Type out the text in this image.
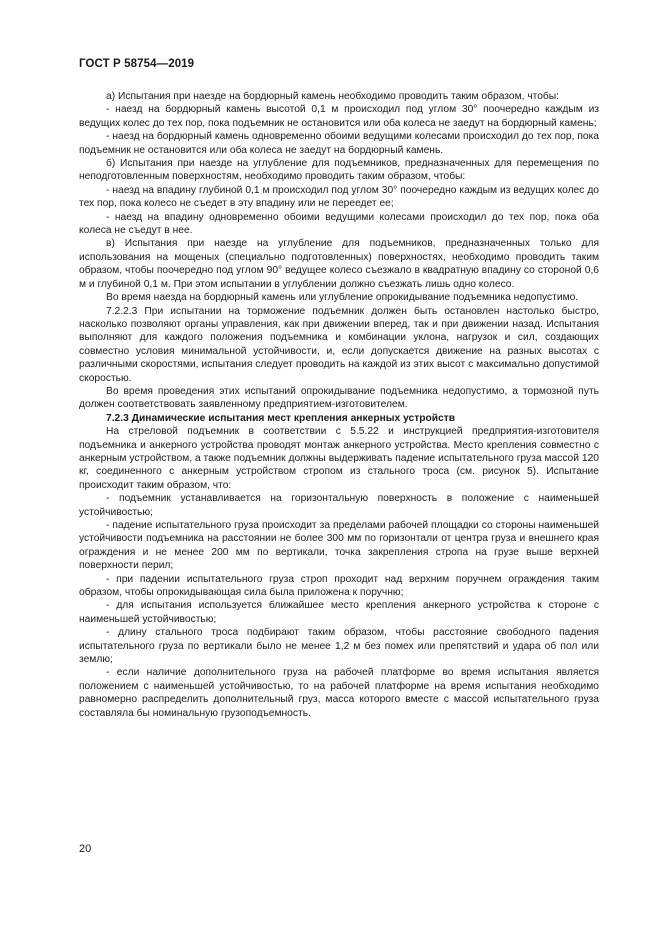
ГОСТ Р 58754—2019

а) Испытания при наезде на бордюрный камень необходимо проводить таким образом, чтобы:

- наезд на бордюрный камень высотой 0,1 м происходил под углом 30° поочередно каждым из ведущих колес до тех пор, пока подъемник не остановится или оба колеса не заедут на бордюрный камень;

- наезд на бордюрный камень одновременно обоими ведущими колесами происходил до тех пор, пока подъемник не остановится или оба колеса не заедут на бордюрный камень.

б) Испытания при наезде на углубление для подъемников, предназначенных для перемещения по неподготовленным поверхностям, необходимо проводить таким образом, чтобы:

- наезд на впадину глубиной 0,1 м происходил под углом 30° поочередно каждым из ведущих колес до тех пор, пока колесо не съедет в эту впадину или не переедет ее;

- наезд на впадину одновременно обоими ведущими колесами происходил до тех пор, пока оба колеса не съедут в нее.

в) Испытания при наезде на углубление для подъемников, предназначенных только для использования на мощеных (специально подготовленных) поверхностях, необходимо проводить таким образом, чтобы поочередно под углом 90° ведущее колесо съезжало в квадратную впадину со стороной 0,6 м и глубиной 0,1 м. При этом испытании в углублении должно съезжать лишь одно колесо.

Во время наезда на бордюрный камень или углубление опрокидывание подъемника недопустимо.

7.2.2.3 При испытании на торможение подъемник должен быть остановлен настолько быстро, насколько позволяют органы управления, как при движении вперед, так и при движении назад. Испытания выполняют для каждого положения подъемника и комбинации уклона, нагрузок и сил, создающих совместно условия минимальной устойчивости, и, если допускается движение на разных высотах с различными скоростями, испытания следует проводить на каждой из этих высот с максимально допустимой скоростью.

Во время проведения этих испытаний опрокидывание подъемника недопустимо, а тормозной путь должен соответствовать заявленному предприятием-изготовителем.

7.2.3 Динамические испытания мест крепления анкерных устройств

На стреловой подъемник в соответствии с 5.5.22 и инструкцией предприятия-изготовителя подъемника и анкерного устройства проводят монтаж анкерного устройства. Место крепления совместно с анкерным устройством, а также подъемник должны выдерживать падение испытательного груза массой 120 кг, соединенного с анкерным устройством стропом из стального троса (см. рисунок 5). Испытание происходит таким образом, что:

- подъемник устанавливается на горизонтальную поверхность в положение с наименьшей устойчивостью;

- падение испытательного груза происходит за пределами рабочей площадки со стороны наименьшей устойчивости подъемника на расстоянии не более 300 мм по горизонтали от центра груза и внешнего края ограждения и не менее 200 мм по вертикали, точка закрепления стропа на грузе выше верхней поверхности перил;

- при падении испытательного груза строп проходит над верхним поручнем ограждения таким образом, чтобы опрокидывающая сила была приложена к поручню;

- для испытания используется ближайшее место крепления анкерного устройства к стороне с наименьшей устойчивостью;

- длину стального троса подбирают таким образом, чтобы расстояние свободного падения испытательного груза по вертикали было не менее 1,2 м без помех или препятствий и удара об пол или землю;

- если наличие дополнительного груза на рабочей платформе во время испытания является положением с наименьшей устойчивостью, то на рабочей платформе на время испытания необходимо равномерно распределить дополнительный груз, масса которого вместе с массой испытательного груза составляла бы номинальную грузоподъемность.

20
